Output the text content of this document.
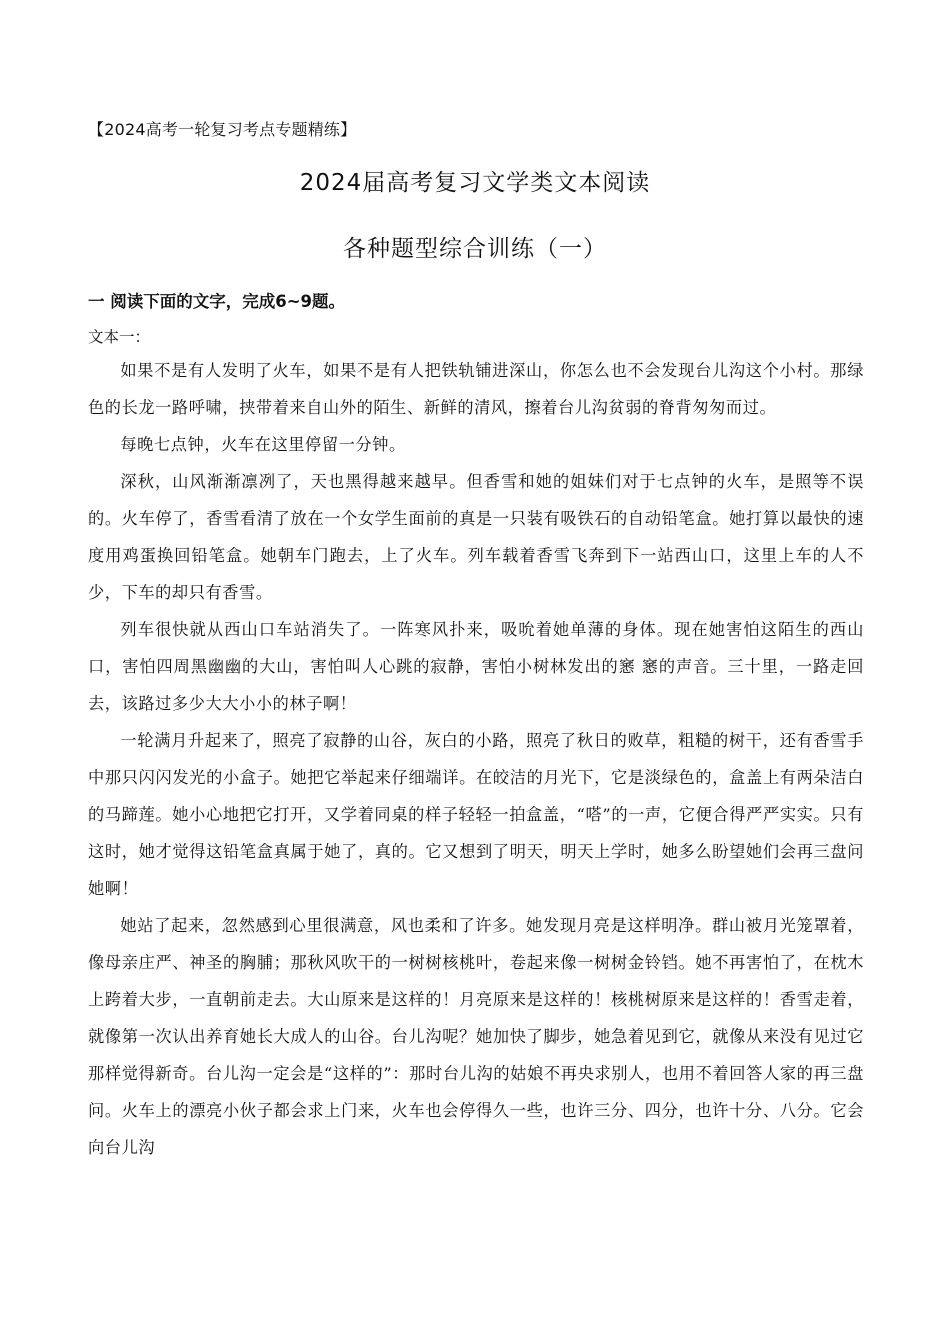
【2024高考一轮复习考点专题精练】
2024届高考复习文学类文本阅读
各种题型综合训练（一）
一 阅读下面的文字，完成6~9题。
文本一：

如果不是有人发明了火车，如果不是有人把铁轨铺进深山，你怎么也不会发现台儿沟这个小村。那绿色的长龙一路呼啸，挟带着来自山外的陌生、新鲜的清风，擦着台儿沟贫弱的脊背匆匆而过。

每晚七点钟，火车在这里停留一分钟。

深秋，山风渐渐凛冽了，天也黑得越来越早。但香雪和她的姐妹们对于七点钟的火车，是照等不误的。火车停了，香雪看清了放在一个女学生面前的真是一只装有吸铁石的自动铅笔盒。她打算以最快的速度用鸡蛋换回铅笔盒。她朝车门跑去，上了火车。列车载着香雪飞奔到下一站西山口，这里上车的人不少，下车的却只有香雪。

列车很快就从西山口车站消失了。一阵寒风扑来，吸吮着她单薄的身体。现在她害怕这陌生的西山口，害怕四周黑幽幽的大山，害怕叫人心跳的寂静，害怕小树林发出的窸 窸的声音。三十里，一路走回去，该路过多少大大小小的林子啊！

一轮满月升起来了，照亮了寂静的山谷，灰白的小路，照亮了秋日的败草，粗糙的树干，还有香雪手中那只闪闪发光的小盒子。她把它举起来仔细端详。在皎洁的月光下，它是淡绿色的，盒盖上有两朵洁白的马蹄莲。她小心地把它打开，又学着同桌的样子轻轻一拍盒盖，“嗒”的一声，它便合得严严实实。只有这时，她才觉得这铅笔盒真属于她了，真的。它又想到了明天，明天上学时，她多么盼望她们会再三盘问她啊！

她站了起来，忽然感到心里很满意，风也柔和了许多。她发现月亮是这样明净。群山被月光笼罩着，像母亲庄严、神圣的胸脯；那秋风吹干的一树树核桃叶，卷起来像一树树金铃铛。她不再害怕了，在枕木上跨着大步，一直朝前走去。大山原来是这样的！月亮原来是这样的！核桃树原来是这样的！香雪走着，就像第一次认出养育她长大成人的山谷。台儿沟呢？她加快了脚步，她急着见到它，就像从来没有见过它那样觉得新奇。台儿沟一定会是“这样的”：那时台儿沟的姑娘不再央求别人，也用不着回答人家的再三盘问。火车上的漂亮小伙子都会求上门来，火车也会停得久一些，也许三分、四分，也许十分、八分。它会向台儿沟
